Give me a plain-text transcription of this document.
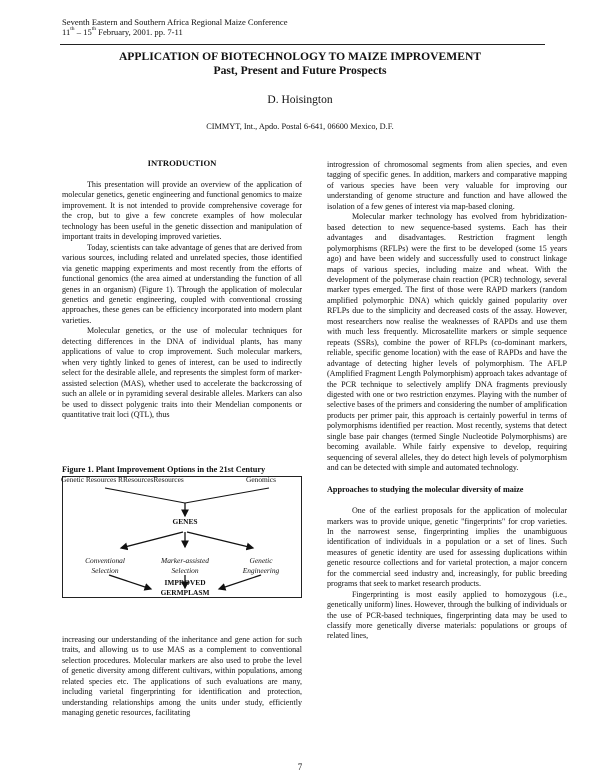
Seventh Eastern and Southern Africa Regional Maize Conference
11th – 15th February, 2001. pp. 7-11
APPLICATION OF BIOTECHNOLOGY TO MAIZE IMPROVEMENT
Past, Present and Future Prospects
D. Hoisington
CIMMYT, Int., Apdo. Postal 6-641, 06600 Mexico, D.F.
INTRODUCTION

This presentation will provide an overview of the application of molecular genetics, genetic engineering and functional genomics to maize improvement. It is not intended to provide comprehensive coverage for the crop, but to give a few concrete examples of how molecular technology has been useful in the genetic dissection and manipulation of important traits in developing improved varieties.

Today, scientists can take advantage of genes that are derived from various sources, including related and unrelated species, those identified via genetic mapping experiments and most recently from the efforts of functional genomics (the area aimed at understanding the function of all genes in an organism) (Figure 1). Through the application of molecular genetics and genetic engineering, coupled with conventional crossing approaches, these genes can be efficiency incorporated into modern plant varieties.

Molecular genetics, or the use of molecular techniques for detecting differences in the DNA of individual plants, has many applications of value to crop improvement. Such molecular markers, when very tightly linked to genes of interest, can be used to indirectly select for the desirable allele, and represents the simplest form of marker-assisted selection (MAS), whether used to accelerate the backcrossing of such an allele or in pyramiding several desirable alleles. Markers can also be used to dissect polygenic traits into their Mendelian components or quantitative trait loci (QTL), thus

Figure 1. Plant Improvement Options in the 21st Century
Genetic Resources RResourcesResources	Genomics
GENES
Conventional
Selection
Marker-assisted
Selection
Genetic
Engineering
IMPROVED
GERMPLASM

increasing our understanding of the inheritance and gene action for such traits, and allowing us to use MAS as a complement to conventional selection procedures. Molecular markers are also used to probe the level of genetic diversity among different cultivars, within populations, among related species etc. The applications of such evaluations are many, including varietal fingerprinting for identification and protection, understanding relationships among the units under study, efficiently managing genetic resources, facilitating

introgression of chromosomal segments from alien species, and even tagging of specific genes. In addition, markers and comparative mapping of various species have been very valuable for improving our understanding of genome structure and function and have allowed the isolation of a few genes of interest via map-based cloning.

Molecular marker technology has evolved from hybridization-based detection to new sequence-based systems. Each has their advantages and disadvantages. Restriction fragment length polymorphisms (RFLPs) were the first to be developed (some 15 years ago) and have been widely and successfully used to construct linkage maps of various species, including maize and wheat. With the development of the polymerase chain reaction (PCR) technology, several marker types emerged. The first of those were RAPD markers (random amplified polymorphic DNA) which quickly gained popularity over RFLPs due to the simplicity and decreased costs of the assay. However, most researchers now realise the weaknesses of RAPDs and use them with much less frequently. Microsatellite markers or simple sequence repeats (SSRs), combine the power of RFLPs (co-dominant markers, reliable, specific genome location) with the ease of RAPDs and have the advantage of detecting higher levels of polymorphism. The AFLP (Amplified Fragment Length Polymorphism) approach takes advantage of the PCR technique to selectively amplify DNA fragments previously digested with one or two restriction enzymes. Playing with the number of selective bases of the primers and considering the number of amplification products per primer pair, this approach is certainly powerful in terms of polymorphisms identified per reaction. Most recently, systems that detect single base pair changes (termed Single Nucleotide Polymorphisms) are becoming available. While fairly expensive to develop, requiring sequencing of several alleles, they do detect high levels of polymorphism and can be detected with simple and automated technology.

Approaches to studying the molecular diversity of maize

One of the earliest proposals for the application of molecular markers was to provide unique, genetic "fingerprints" for crop varieties. In the narrowest sense, fingerprinting implies the unambiguous identification of individuals in a population or a set of lines. Such measures of genetic identity are used for assessing duplications within genetic resource collections and for varietal protection, a major concern for the commercial seed industry and, increasingly, for public breeding programs that seek to market research products.

Fingerprinting is most easily applied to homozygous (i.e., genetically uniform) lines. However, through the bulking of individuals or the use of PCR-based techniques, fingerprinting data may be used to classify more genetically diverse materials: populations or groups of related lines,

7
